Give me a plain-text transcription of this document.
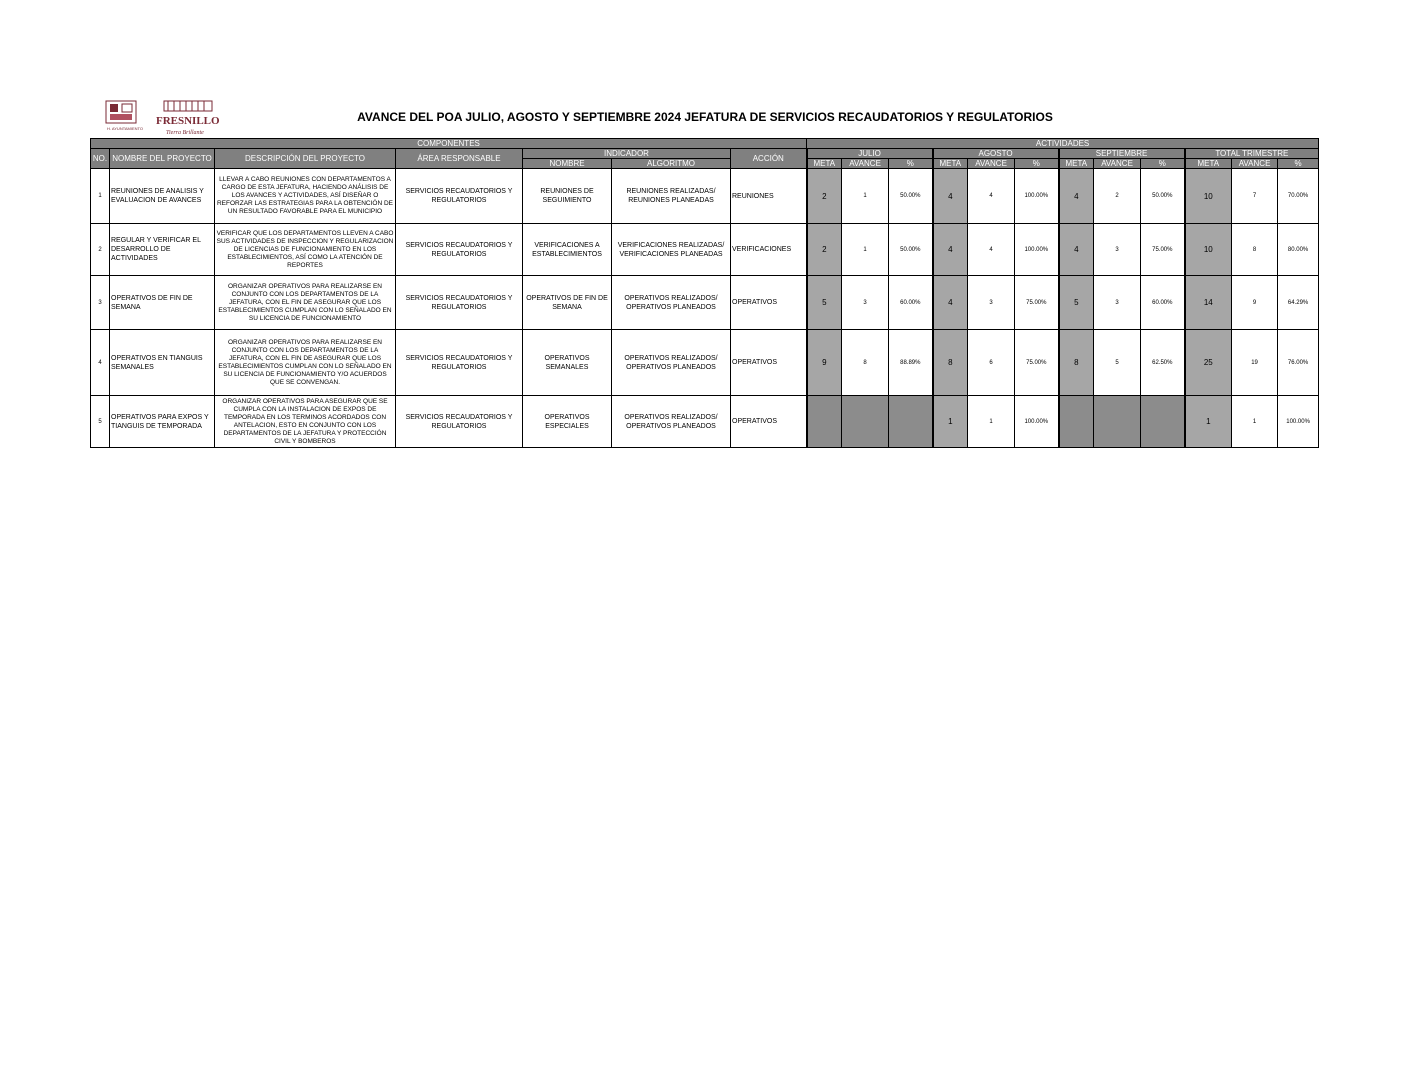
H. AYUNTAMIENTO
FRESNILLO
Tierra Brillante
AVANCE DEL POA JULIO, AGOSTO Y SEPTIEMBRE 2024 JEFATURA DE SERVICIOS RECAUDATORIOS Y REGULATORIOS
COMPONENTES							ACTIVIDADES											
NO.	NOMBRE DEL PROYECTO	DESCRIPCIÓN DEL PROYECTO	ÁREA RESPONSABLE	INDICADOR		ACCIÓN	JULIO			AGOSTO			SEPTIEMBRE			TOTAL TRIMESTRE		
				NOMBRE	ALGORITMO		META	AVANCE	%	META	AVANCE	%	META	AVANCE	%	META	AVANCE	%
1	REUNIONES DE ANALISIS Y EVALUACION DE AVANCES	LLEVAR A CABO REUNIONES CON DEPARTAMENTOS A CARGO DE ESTA JEFATURA, HACIENDO ANÁLISIS DE LOS AVANCES Y ACTIVIDADES, ASÍ DISEÑAR O REFORZAR LAS ESTRATEGIAS PARA LA OBTENCIÓN DE UN RESULTADO FAVORABLE PARA EL MUNICIPIO	SERVICIOS RECAUDATORIOS Y REGULATORIOS	REUNIONES DE SEGUIMIENTO	REUNIONES REALIZADAS/ REUNIONES PLANEADAS	REUNIONES	2	1	50.00%	4	4	100.00%	4	2	50.00%	10	7	70.00%
2	REGULAR Y VERIFICAR EL DESARROLLO DE ACTIVIDADES	VERIFICAR QUE LOS DEPARTAMENTOS LLEVEN A CABO SUS ACTIVIDADES DE INSPECCION Y REGULARIZACION DE LICENCIAS DE FUNCIONAMIENTO EN LOS ESTABLECIMIENTOS, ASÍ COMO LA ATENCIÓN DE REPORTES	SERVICIOS RECAUDATORIOS Y REGULATORIOS	VERIFICACIONES A ESTABLECIMIENTOS	VERIFICACIONES REALIZADAS/ VERIFICACIONES PLANEADAS	VERIFICACIONES	2	1	50.00%	4	4	100.00%	4	3	75.00%	10	8	80.00%
3	OPERATIVOS DE FIN DE SEMANA	ORGANIZAR OPERATIVOS PARA REALIZARSE EN CONJUNTO CON LOS DEPARTAMENTOS DE LA JEFATURA, CON EL FIN DE ASEGURAR QUE LOS ESTABLECIMIENTOS CUMPLAN CON LO SEÑALADO EN SU LICENCIA DE FUNCIONAMIENTO	SERVICIOS RECAUDATORIOS Y REGULATORIOS	OPERATIVOS DE FIN DE SEMANA	OPERATIVOS REALIZADOS/ OPERATIVOS PLANEADOS	OPERATIVOS	5	3	60.00%	4	3	75.00%	5	3	60.00%	14	9	64.29%
4	OPERATIVOS EN TIANGUIS SEMANALES	ORGANIZAR OPERATIVOS PARA REALIZARSE EN CONJUNTO CON LOS DEPARTAMENTOS DE LA JEFATURA, CON EL FIN DE ASEGURAR QUE LOS ESTABLECIMIENTOS CUMPLAN CON LO SEÑALADO EN SU LICENCIA DE FUNCIONAMIENTO Y/O ACUERDOS QUE SE CONVENGAN.	SERVICIOS RECAUDATORIOS Y REGULATORIOS	OPERATIVOS SEMANALES	OPERATIVOS REALIZADOS/ OPERATIVOS PLANEADOS	OPERATIVOS	9	8	88.89%	8	6	75.00%	8	5	62.50%	25	19	76.00%
5	OPERATIVOS PARA EXPOS Y TIANGUIS DE TEMPORADA	ORGANIZAR OPERATIVOS PARA ASEGURAR QUE SE CUMPLA CON LA INSTALACION DE EXPOS DE TEMPORADA EN LOS TERMINOS ACORDADOS CON ANTELACION, ESTO EN CONJUNTO CON LOS DEPARTAMENTOS DE LA JEFATURA Y PROTECCIÓN CIVIL Y BOMBEROS	SERVICIOS RECAUDATORIOS Y REGULATORIOS	OPERATIVOS ESPECIALES	OPERATIVOS REALIZADOS/ OPERATIVOS PLANEADOS	OPERATIVOS				1	1	100.00%				1	1	100.00%
